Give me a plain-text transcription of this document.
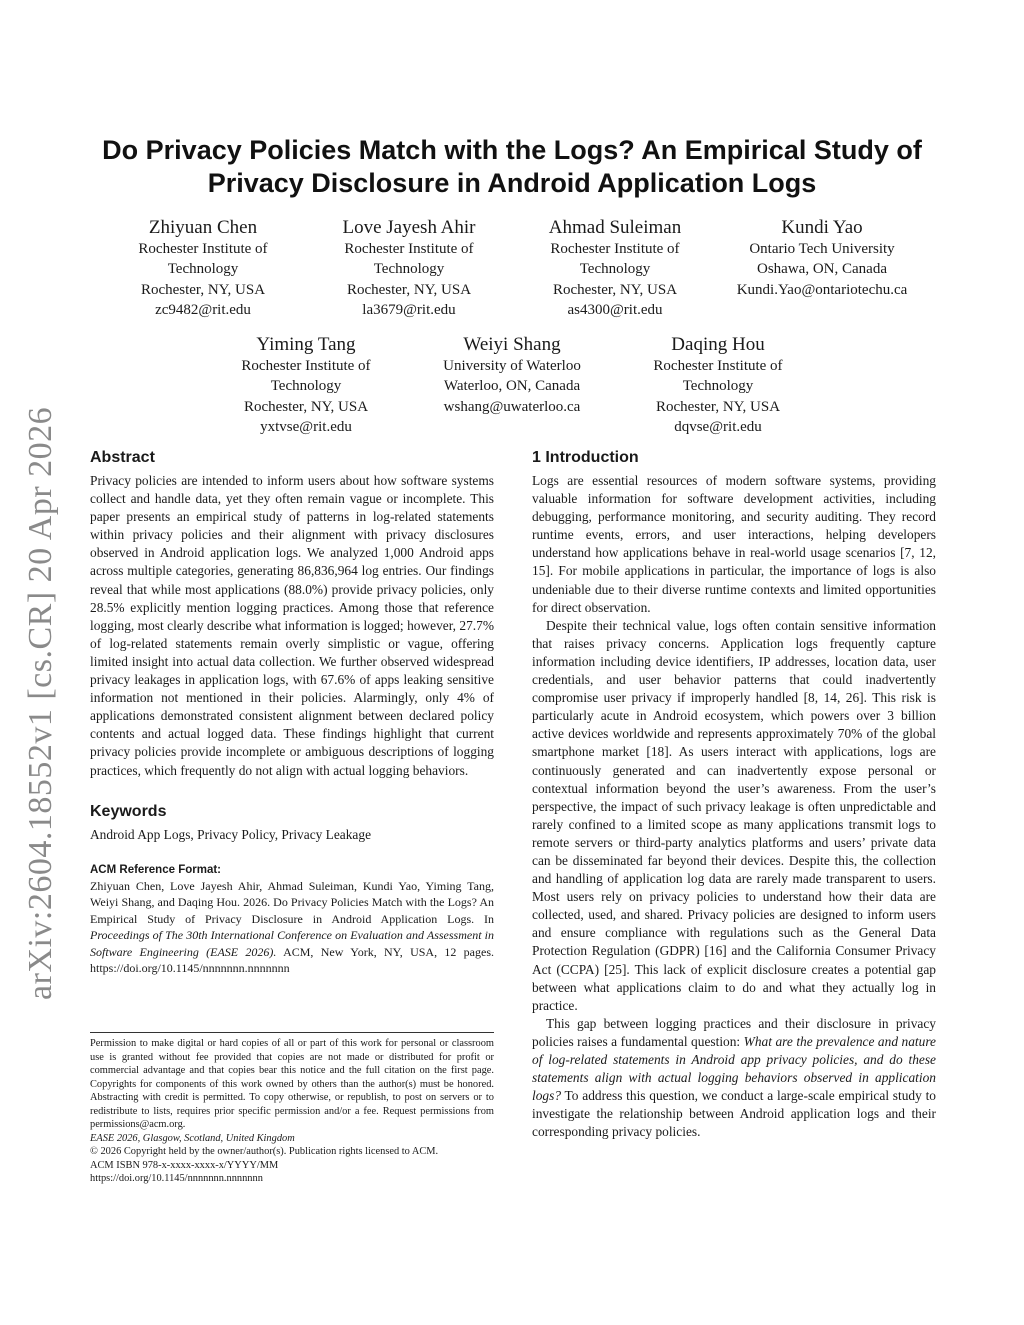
arXiv:2604.18552v1 [cs.CR] 20 Apr 2026
Do Privacy Policies Match with the Logs? An Empirical Study of Privacy Disclosure in Android Application Logs
Zhiyuan Chen
Rochester Institute of
Technology
Rochester, NY, USA
zc9482@rit.edu
Love Jayesh Ahir
Rochester Institute of
Technology
Rochester, NY, USA
la3679@rit.edu
Ahmad Suleiman
Rochester Institute of
Technology
Rochester, NY, USA
as4300@rit.edu
Kundi Yao
Ontario Tech University
Oshawa, ON, Canada
Kundi.Yao@ontariotechu.ca
Yiming Tang
Rochester Institute of
Technology
Rochester, NY, USA
yxtvse@rit.edu
Weiyi Shang
University of Waterloo
Waterloo, ON, Canada
wshang@uwaterloo.ca
Daqing Hou
Rochester Institute of
Technology
Rochester, NY, USA
dqvse@rit.edu
Abstract

Privacy policies are intended to inform users about how software systems collect and handle data, yet they often remain vague or incomplete. This paper presents an empirical study of patterns in log-related statements within privacy policies and their alignment with privacy disclosures observed in Android application logs. We analyzed 1,000 Android apps across multiple categories, generating 86,836,964 log entries. Our findings reveal that while most applications (88.0%) provide privacy policies, only 28.5% explicitly mention logging practices. Among those that reference logging, most clearly describe what information is logged; however, 27.7% of log-related statements remain overly simplistic or vague, offering limited insight into actual data collection. We further observed widespread privacy leakages in application logs, with 67.6% of apps leaking sensitive information not mentioned in their policies. Alarmingly, only 4% of applications demonstrated consistent alignment between declared policy contents and actual logged data. These findings highlight that current privacy policies provide incomplete or ambiguous descriptions of logging practices, which frequently do not align with actual logging behaviors.

Keywords

Android App Logs, Privacy Policy, Privacy Leakage

ACM Reference Format:

Zhiyuan Chen, Love Jayesh Ahir, Ahmad Suleiman, Kundi Yao, Yiming Tang, Weiyi Shang, and Daqing Hou. 2026. Do Privacy Policies Match with the Logs? An Empirical Study of Privacy Disclosure in Android Application Logs. In Proceedings of The 30th International Conference on Evaluation and Assessment in Software Engineering (EASE 2026). ACM, New York, NY, USA, 12 pages. https://doi.org/10.1145/nnnnnnn.nnnnnnn

Permission to make digital or hard copies of all or part of this work for personal or classroom use is granted without fee provided that copies are not made or distributed for profit or commercial advantage and that copies bear this notice and the full citation on the first page. Copyrights for components of this work owned by others than the author(s) must be honored. Abstracting with credit is permitted. To copy otherwise, or republish, to post on servers or to redistribute to lists, requires prior specific permission and/or a fee. Request permissions from permissions@acm.org.

EASE 2026, Glasgow, Scotland, United Kingdom
© 2026 Copyright held by the owner/author(s). Publication rights licensed to ACM.
ACM ISBN 978-x-xxxx-xxxx-x/YYYY/MM
https://doi.org/10.1145/nnnnnnn.nnnnnnn
1 Introduction

Logs are essential resources of modern software systems, providing valuable information for software development activities, including debugging, performance monitoring, and security auditing. They record runtime events, errors, and user interactions, helping developers understand how applications behave in real-world usage scenarios [7, 12, 15]. For mobile applications in particular, the importance of logs is also undeniable due to their diverse runtime contexts and limited opportunities for direct observation.

Despite their technical value, logs often contain sensitive information that raises privacy concerns. Application logs frequently capture information including device identifiers, IP addresses, location data, user credentials, and user behavior patterns that could inadvertently compromise user privacy if improperly handled [8, 14, 26]. This risk is particularly acute in Android ecosystem, which powers over 3 billion active devices worldwide and represents approximately 70% of the global smartphone market [18]. As users interact with applications, logs are continuously generated and can inadvertently expose personal or contextual information beyond the user’s awareness. From the user’s perspective, the impact of such privacy leakage is often unpredictable and rarely confined to a limited scope as many applications transmit logs to remote servers or third-party analytics platforms and users’ private data can be disseminated far beyond their devices. Despite this, the collection and handling of application log data are rarely made transparent to users. Most users rely on privacy policies to understand how their data are collected, used, and shared. Privacy policies are designed to inform users and ensure compliance with regulations such as the General Data Protection Regulation (GDPR) [16] and the California Consumer Privacy Act (CCPA) [25]. This lack of explicit disclosure creates a potential gap between what applications claim to do and what they actually log in practice.

This gap between logging practices and their disclosure in privacy policies raises a fundamental question: What are the prevalence and nature of log-related statements in Android app privacy policies, and do these statements align with actual logging behaviors observed in application logs? To address this question, we conduct a large-scale empirical study to investigate the relationship between Android application logs and their corresponding privacy policies.
